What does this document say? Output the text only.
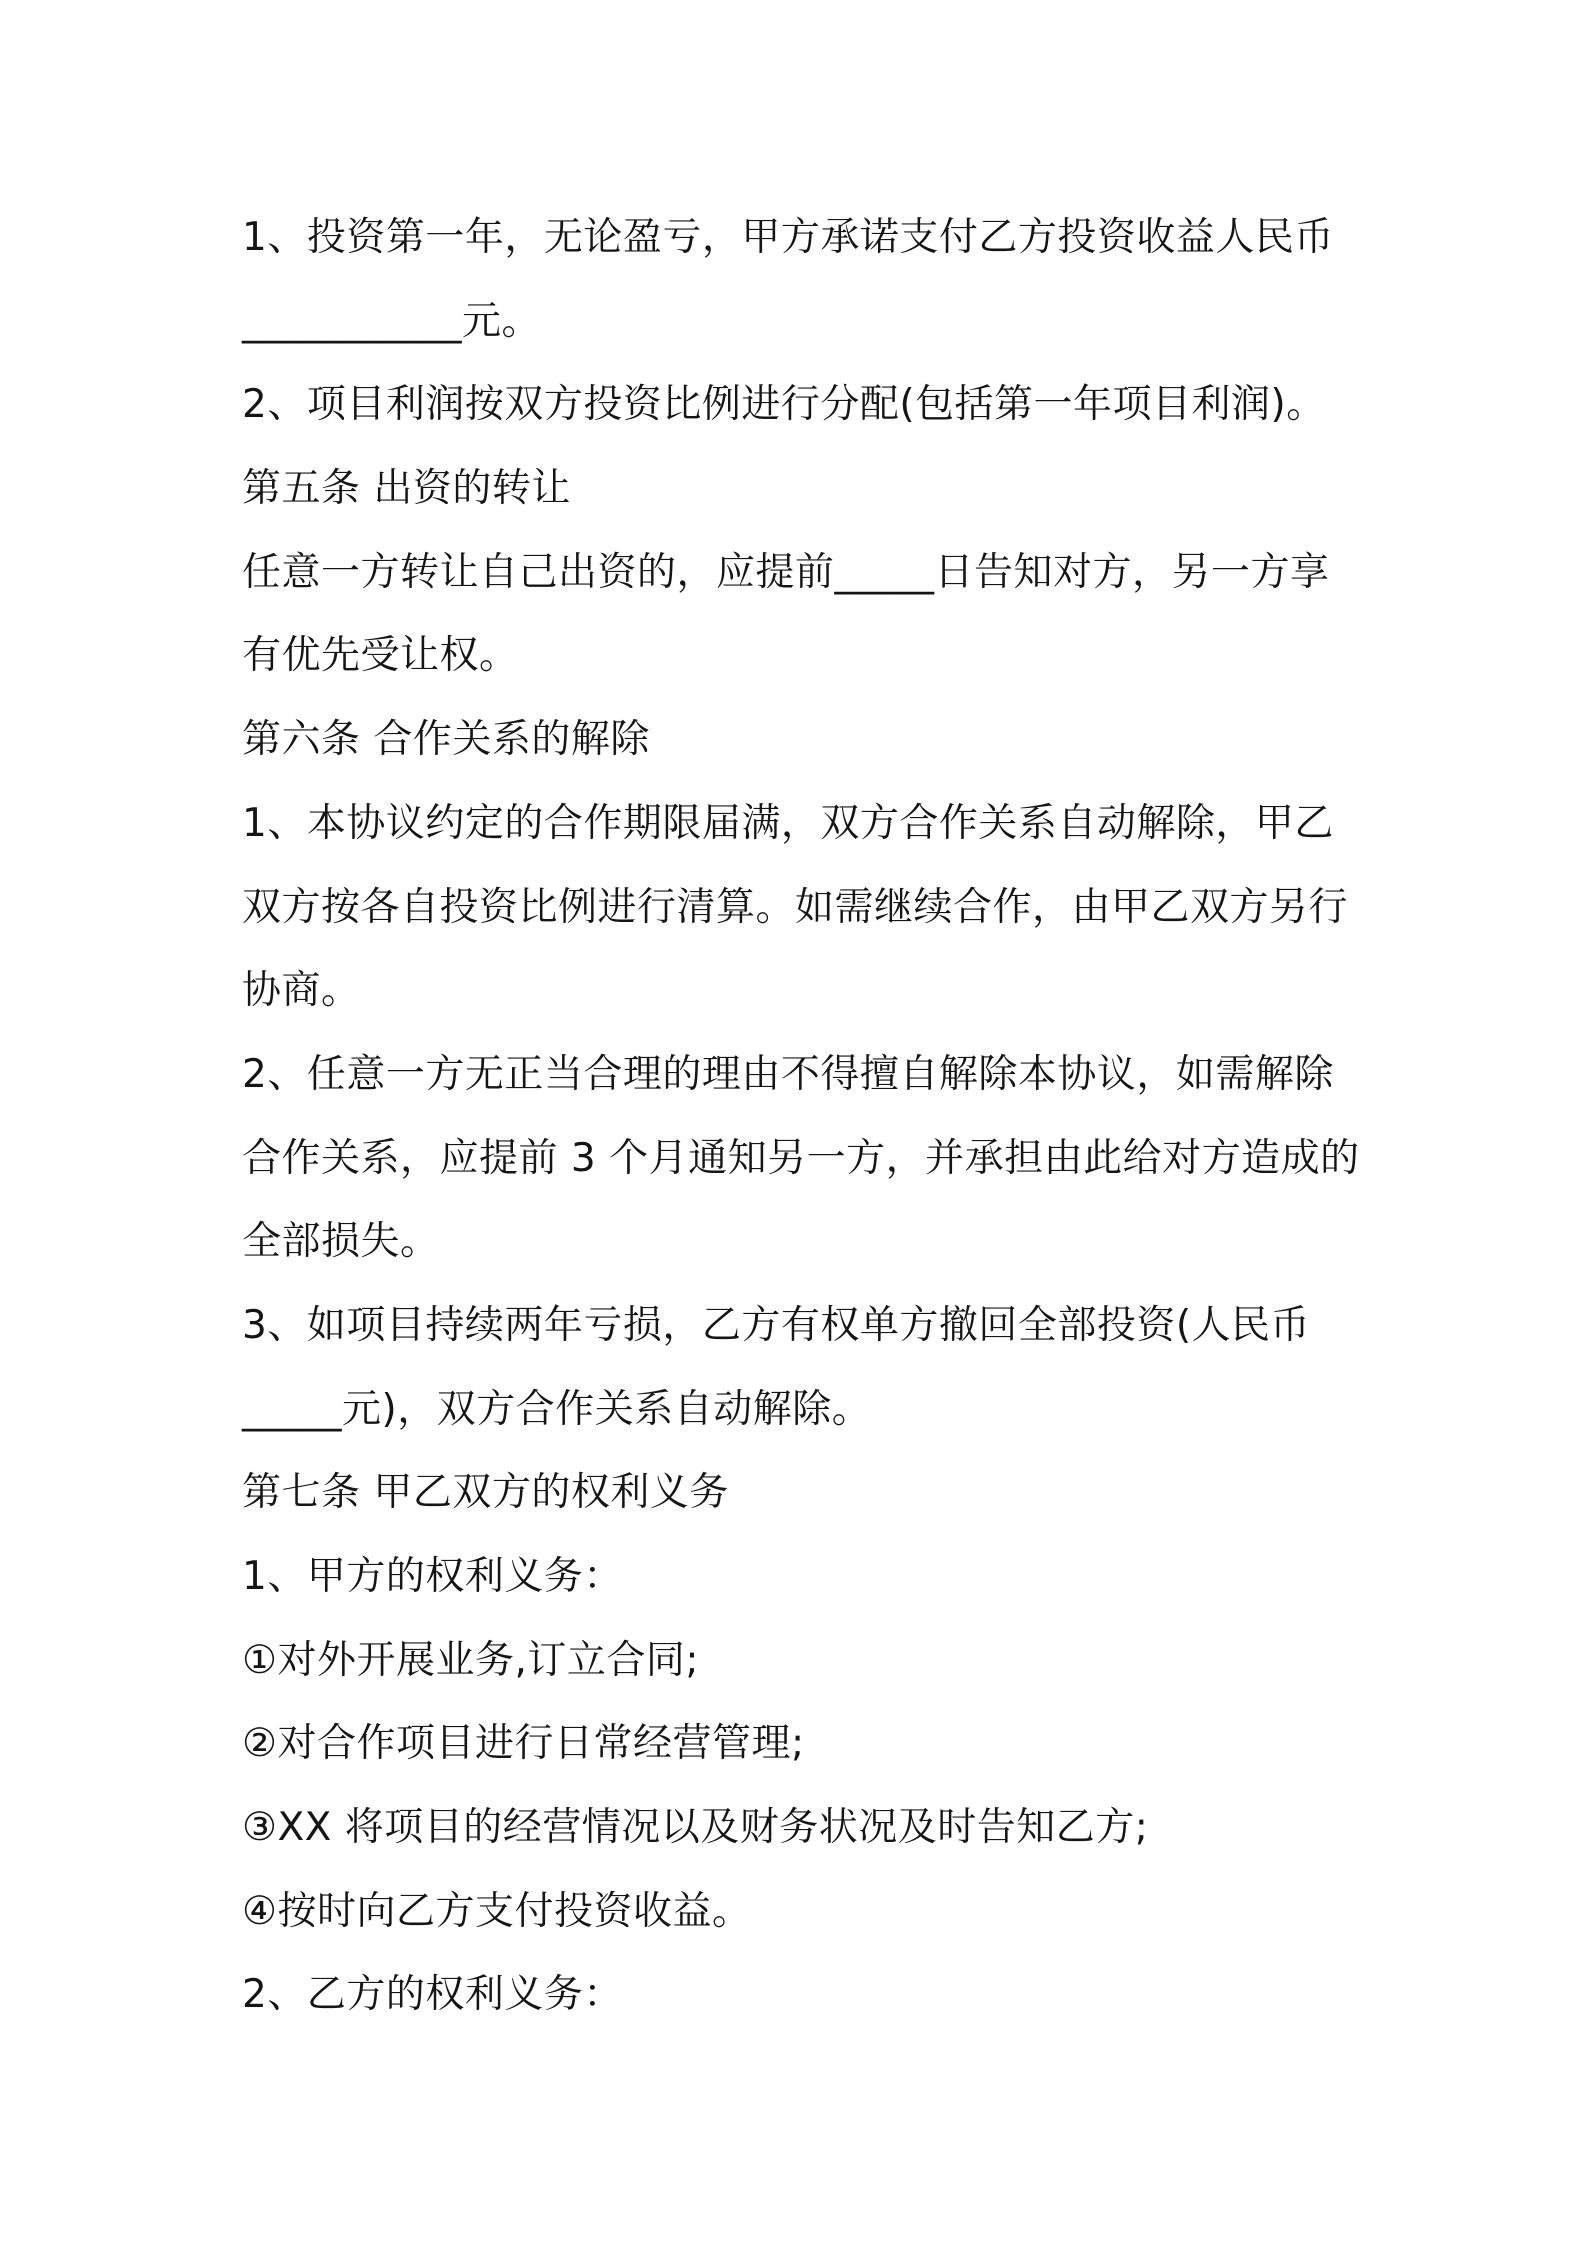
1、投资第一年，无论盈亏，甲方承诺支付乙方投资收益人民币
___________元。
2、项目利润按双方投资比例进行分配(包括第一年项目利润)。
第五条 出资的转让
任意一方转让自己出资的，应提前_____日告知对方，另一方享
有优先受让权。
第六条 合作关系的解除
1、本协议约定的合作期限届满，双方合作关系自动解除，甲乙
双方按各自投资比例进行清算。如需继续合作，由甲乙双方另行
协商。
2、任意一方无正当合理的理由不得擅自解除本协议，如需解除
合作关系，应提前 3 个月通知另一方，并承担由此给对方造成的
全部损失。
3、如项目持续两年亏损，乙方有权单方撤回全部投资(人民币
_____元)，双方合作关系自动解除。
第七条 甲乙双方的权利义务
1、甲方的权利义务：
①对外开展业务,订立合同;
②对合作项目进行日常经营管理;
③XX 将项目的经营情况以及财务状况及时告知乙方;
④按时向乙方支付投资收益。
2、乙方的权利义务：
